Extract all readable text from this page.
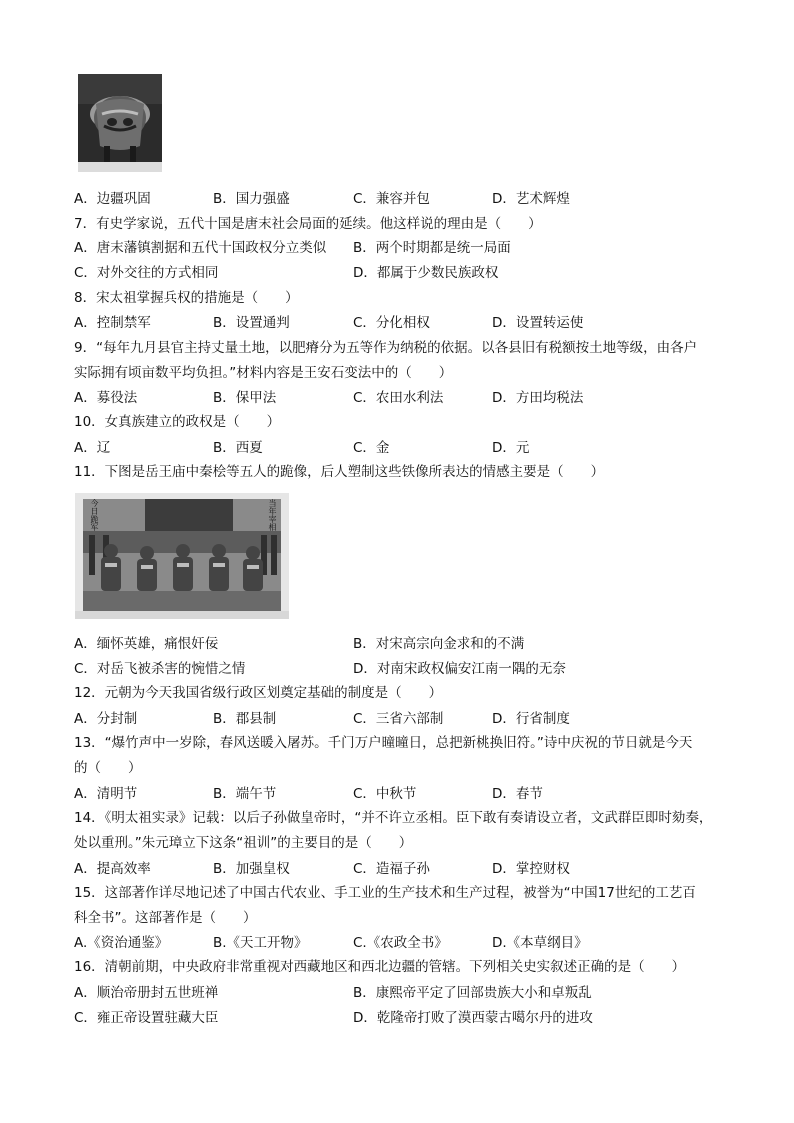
A．边疆巩固	B．国力强盛	C．兼容并包	D．艺术辉煌
7．有史学家说，五代十国是唐末社会局面的延续。他这样说的理由是（　　）
A．唐末藩镇割据和五代十国政权分立类似 B．两个时期都是统一局面
C．对外交往的方式相同	D．都属于少数民族政权
8．宋太祖掌握兵权的措施是（　　）
A．控制禁军	B．设置通判	C．分化相权	D．设置转运使
9．“每年九月县官主持丈量土地，以肥瘠分为五等作为纳税的依据。以各县旧有税额按土地等级，由各户
实际拥有顷亩数平均负担。”材料内容是王安石变法中的（　　）
A．募役法	B．保甲法	C．农田水利法	D．方田均税法
10．女真族建立的政权是（　　）
A．辽	B．西夏	C．金	D．元
11．下图是岳王庙中秦桧等五人的跪像，后人塑制这些铁像所表达的情感主要是（　　）
今日跪军	当年宰相
A．缅怀英雄，痛恨奸佞	B．对宋高宗向金求和的不满
C．对岳飞被杀害的惋惜之情	D．对南宋政权偏安江南一隅的无奈
12．元朝为今天我国省级行政区划奠定基础的制度是（　　）
A．分封制	B．郡县制	C．三省六部制	D．行省制度
13．“爆竹声中一岁除，春风送暖入屠苏。千门万户曈曈日，总把新桃换旧符。”诗中庆祝的节日就是今天
的（　　）
A．清明节	B．端午节	C．中秋节	D．春节
14．《明太祖实录》记载：以后子孙做皇帝时，“并不许立丞相。臣下敢有奏请设立者，文武群臣即时劾奏，
处以重刑。”朱元璋立下这条“祖训”的主要目的是（　　）
A．提高效率	B．加强皇权	C．造福子孙	D．掌控财权
15．这部著作详尽地记述了中国古代农业、手工业的生产技术和生产过程，被誉为“中国17世纪的工艺百
科全书”。这部著作是（　　）
A.《资治通鉴》	B.《天工开物》	C.《农政全书》	D.《本草纲目》
16．清朝前期，中央政府非常重视对西藏地区和西北边疆的管辖。下列相关史实叙述正确的是（　　）
A．顺治帝册封五世班禅	B．康熙帝平定了回部贵族大小和卓叛乱
C．雍正帝设置驻藏大臣	D．乾隆帝打败了漠西蒙古噶尔丹的进攻
